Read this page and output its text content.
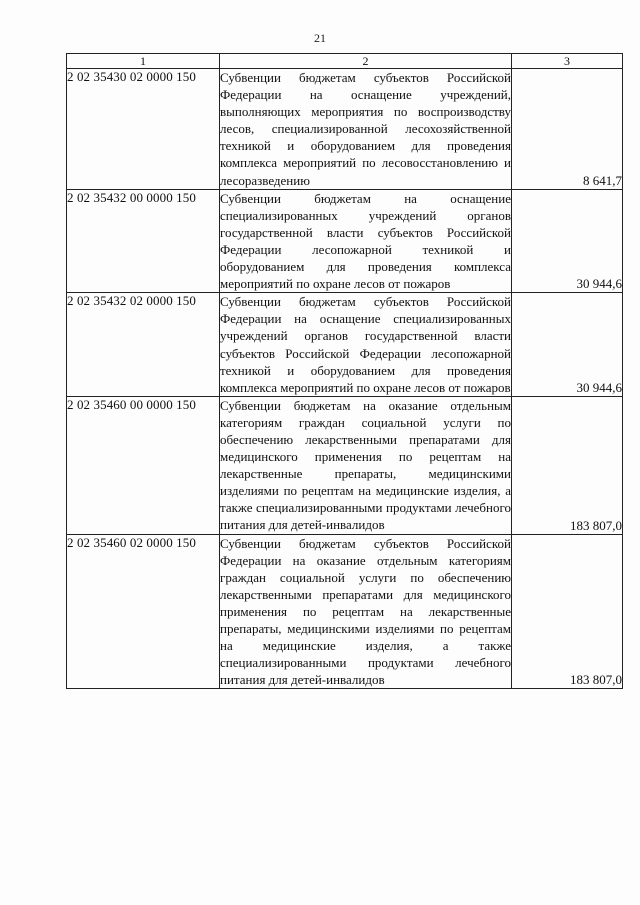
21
1	2	3
2 02 35430 02 0000 150	Субвенции бюджетам субъектов Российской Федерации на оснащение учреждений, выполняющих мероприятия по воспроизводству лесов, специализированной лесохозяйственной техникой и оборудованием для проведения комплекса мероприятий по лесовосстановлению и лесоразведению	8 641,7
2 02 35432 00 0000 150	Субвенции бюджетам на оснащение специализированных учреждений органов государственной власти субъектов Российской Федерации лесопожарной техникой и оборудованием для проведения комплекса мероприятий по охране лесов от пожаров	30 944,6
2 02 35432 02 0000 150	Субвенции бюджетам субъектов Российской Федерации на оснащение специализированных учреждений органов государственной власти субъектов Российской Федерации лесопожарной техникой и оборудованием для проведения комплекса мероприятий по охране лесов от пожаров	30 944,6
2 02 35460 00 0000 150	Субвенции бюджетам на оказание отдельным категориям граждан социальной услуги по обеспечению лекарственными препаратами для медицинского применения по рецептам на лекарственные препараты, медицинскими изделиями по рецептам на медицинские изделия, а также специализированными продуктами лечебного питания для детей-инвалидов	183 807,0
2 02 35460 02 0000 150	Субвенции бюджетам субъектов Российской Федерации на оказание отдельным категориям граждан социальной услуги по обеспечению лекарственными препаратами для медицинского применения по рецептам на лекарственные препараты, медицинскими изделиями по рецептам на медицинские изделия, а также специализированными продуктами лечебного питания для детей-инвалидов	183 807,0
